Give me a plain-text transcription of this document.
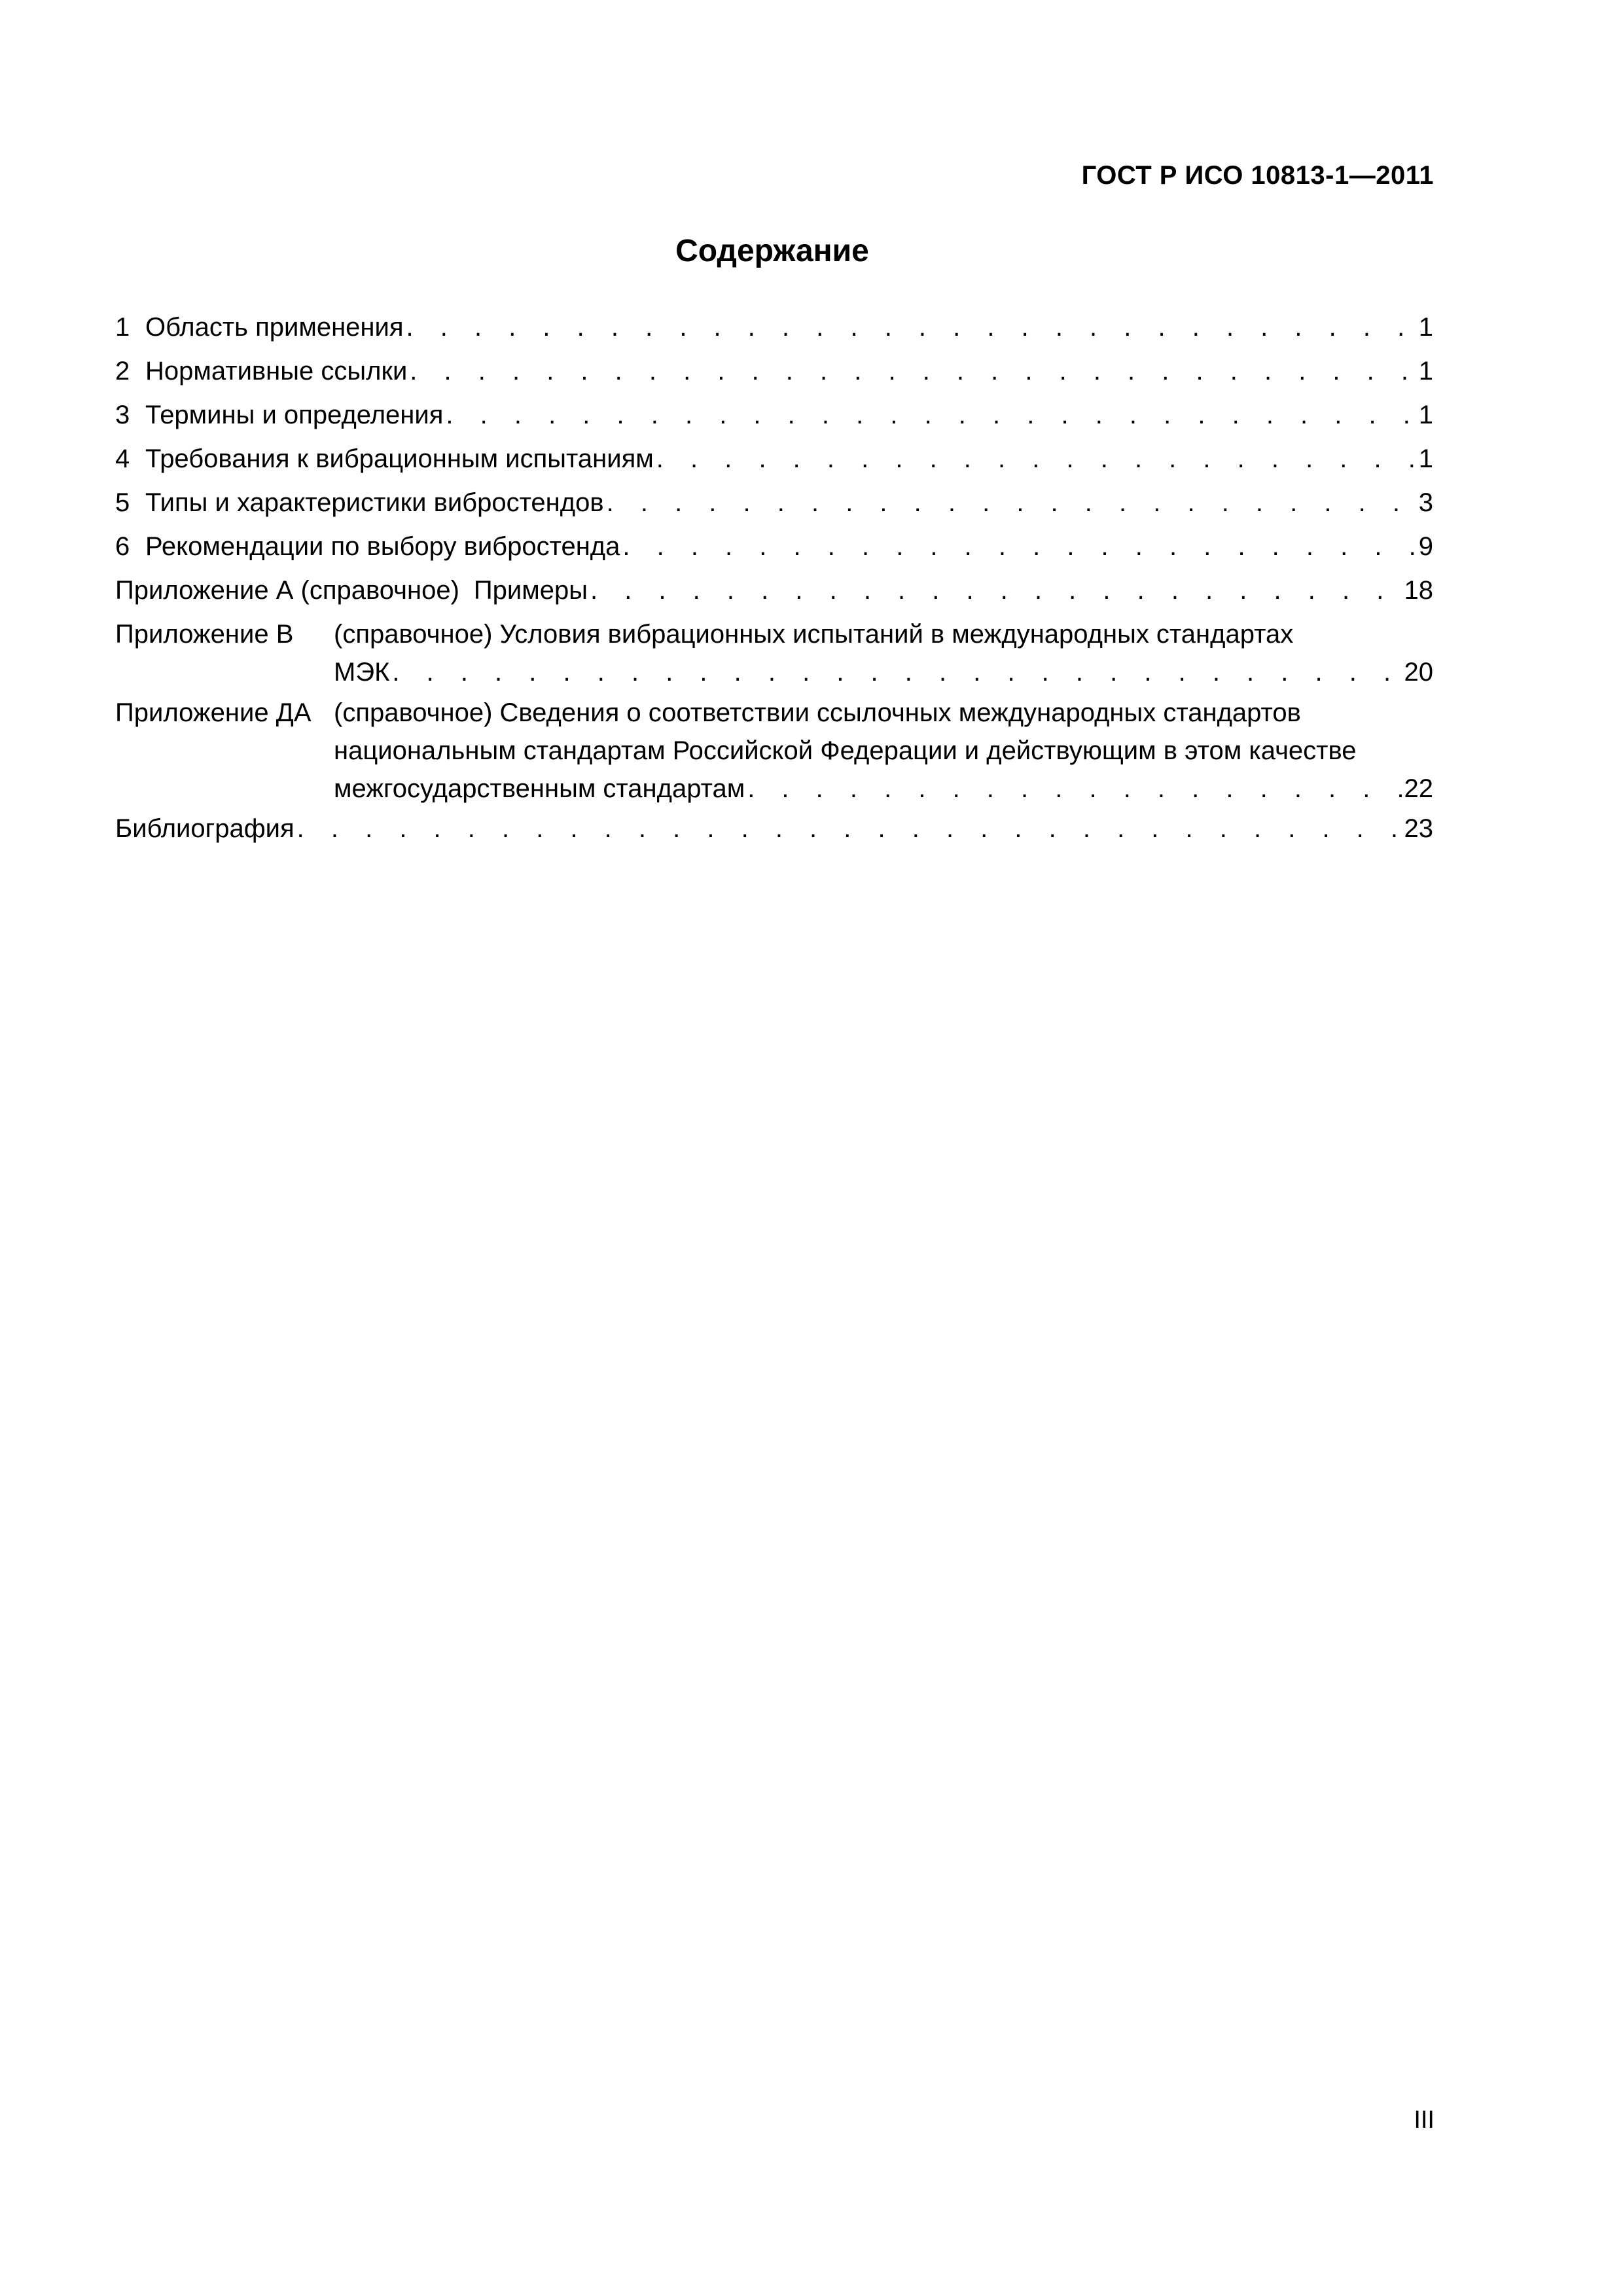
ГОСТ Р ИСО 10813-1—2011
Содержание
1 Область применения . . .	1
2 Нормативные ссылки . . .	1
3 Термины и определения . . .	1
4 Требования к вибрационным испытаниям . . .	1
5 Типы и характеристики вибростендов . . .	3
6 Рекомендации по выбору вибростенда . . .	9
Приложение А (справочное) Примеры . . .	18
Приложение В	(справочное) Условия вибрационных испытаний в международных стандартах
МЭК . . .	20
Приложение ДА (справочное) Сведения о соответствии ссылочных международных стандартов
национальным стандартам Российской Федерации и действующим в этом качестве
межгосударственным стандартам . . .	22
Библиография . . .	23
III
